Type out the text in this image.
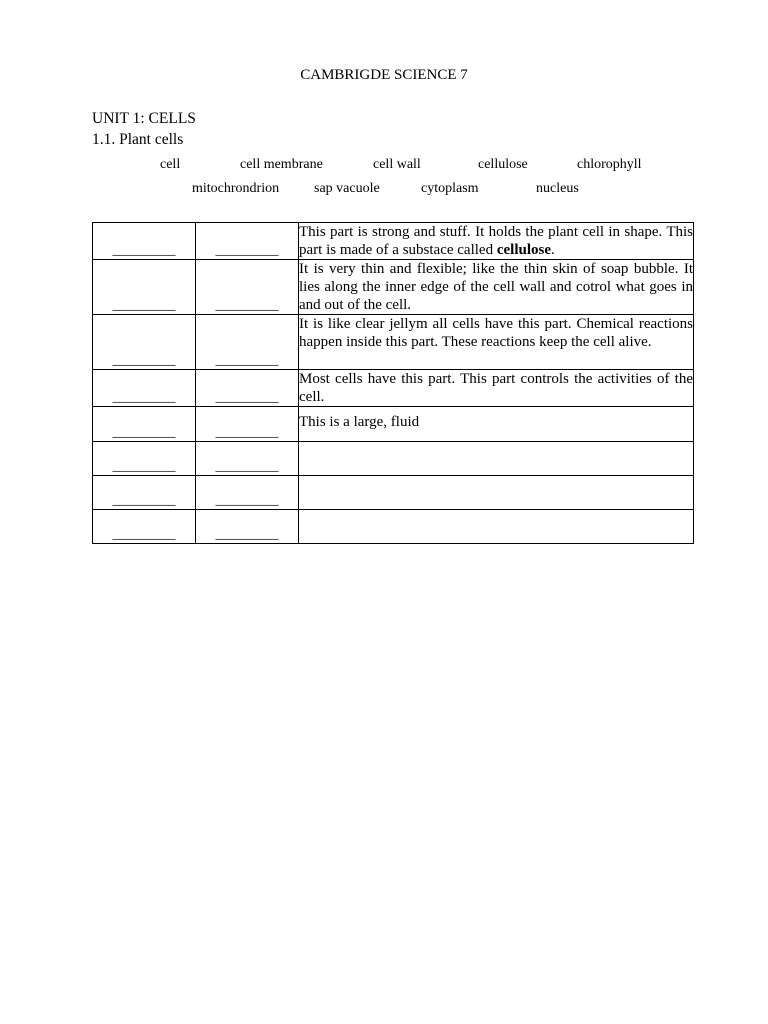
CAMBRIGDE SCIENCE 7
UNIT 1: CELLS
1.1. Plant cells
cell	cell membrane	cell wall	cellulose	chlorophyll
mitochrondrion sap vacuole	cytoplasm	nucleus
_________	_________	This part is strong and stuff. It holds the plant cell in shape. This part is made of a substace called cellulose.
_________	_________	It is very thin and flexible; like the thin skin of soap bubble. It lies along the inner edge of the cell wall and cotrol what goes in and out of the cell.
_________	_________	It is like clear jellym all cells have this part. Chemical reactions happen inside this part. These reactions keep the cell alive.
_________	_________	Most cells have this part. This part controls the activities of the cell.
_________	_________	This is a large, fluid
_________	_________	
_________	_________	
_________	_________	
